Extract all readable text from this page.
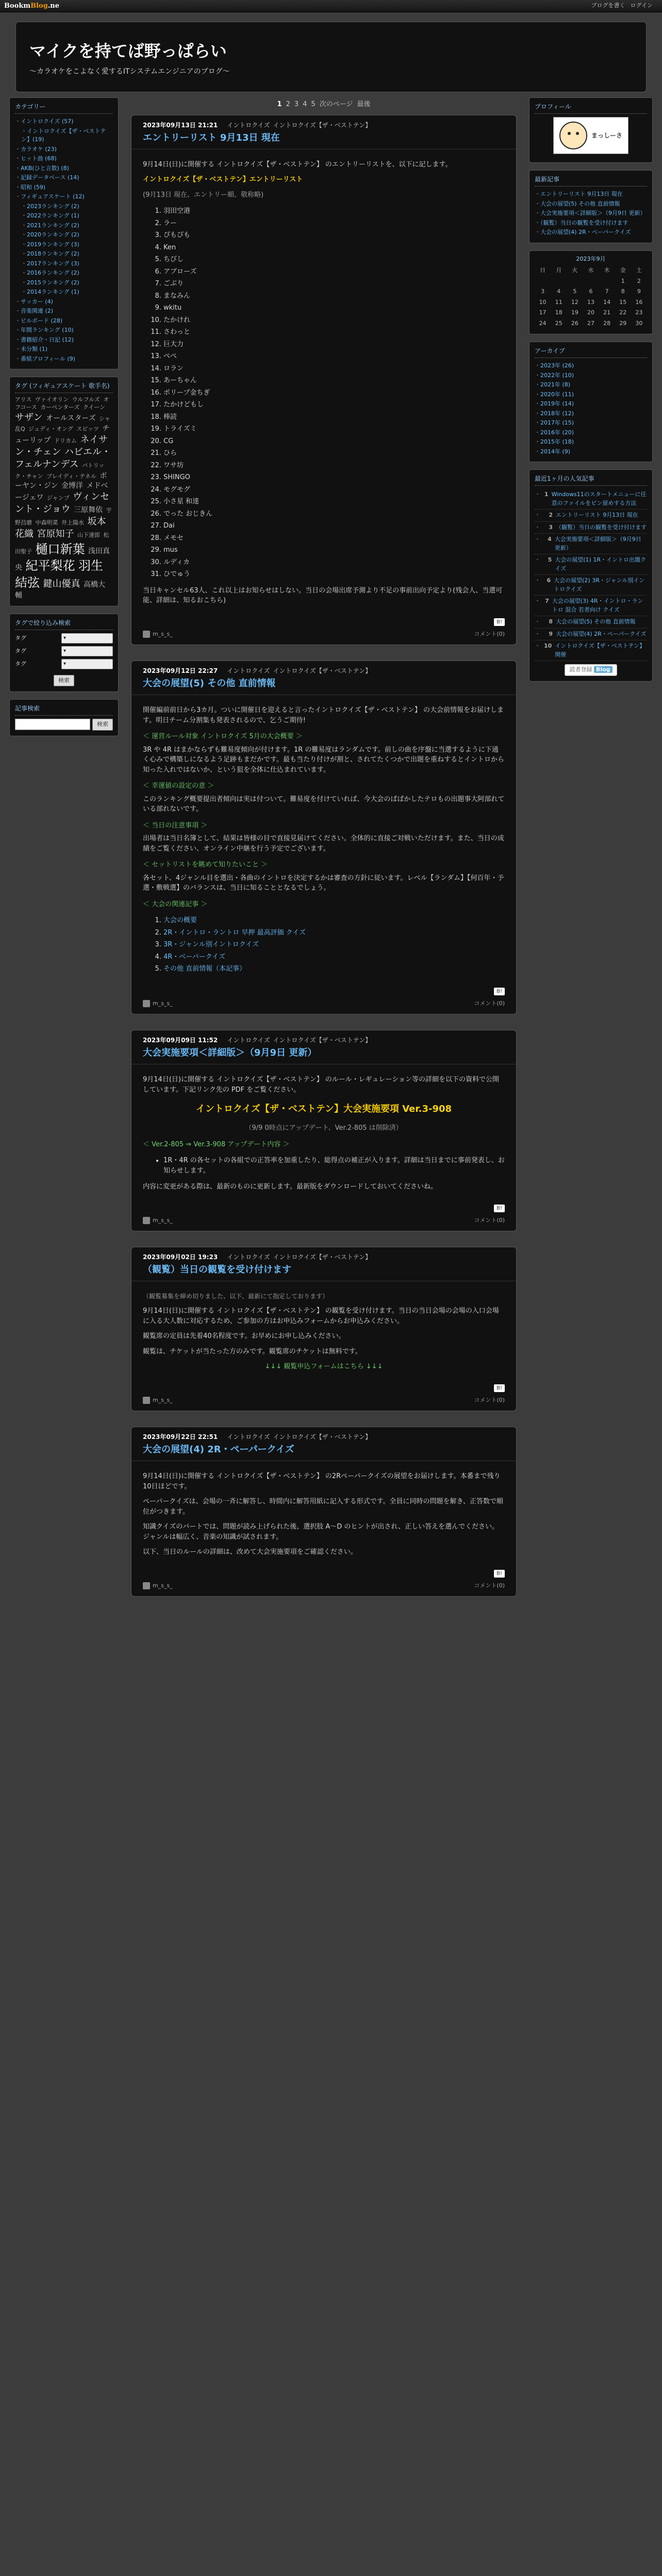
BookmBlog.ne	ブログを書く ログイン
マイクを持てば野っぱらい

～カラオケをこよなく愛するITシステムエンジニアのブログ～

カテゴリー
・ イントロクイズ (57)
・ イントロクイズ【ザ・ベストテン】(19)
・ カラオケ (23)
・ ヒット曲 (68)
・ AKB(ひと言数) (8)
・ 記録データベース (14)
・ 昭和 (59)
・ フィギュアスケート (12)
・ 2023ランキング (2)
・ 2022ランキング (1)
・ 2021ランキング (2)
・ 2020ランキング (2)
・ 2019ランキング (3)
・ 2018ランキング (2)
・ 2017ランキング (3)
・ 2016ランキング (2)
・ 2015ランキング (2)
・ 2014ランキング (1)
・ サッカー (4)
・ 音楽関連 (2)
・ ビルボード (28)
・ 年間ランキング (10)
・ 書籍紹介・日記 (12)
・ 未分類 (1)
・ 番組プロフィール (9)
タグ (フィギュアスケート 歌手名)
アリス ヴァイオリン ウルフルズ オフコース カーペンターズ クイーン サザン オールスターズ シャ乱Q ジュディ・オング スピッツ チューリップ ドリカム ネイサン・チェン ハビエル・フェルナンデス パトリック・チャン ブレイディ・テネル ボーヤン・ジン 金博洋 メドベージェワ ジャンプ ヴィンセント・ジョウ 三原舞依 宇野昌磨 中森明菜 井上陽水 坂本花織 宮原知子 山下達郎 松田聖子 樋口新葉 浅田真央 紀平梨花 羽生結弦 鍵山優真 高橋大輔
タグで絞り込み検索
タグ	▾
タグ	▾
タグ	▾
検索
記事検索
検索
1 2 3 4 5 次のページ 最後
2023年09月13日 21:21 イントロクイズ イントロクイズ【ザ・ベストテン】
エントリーリスト 9月13日 現在

9月14日(日)に開催する イントロクイズ【ザ・ベストテン】 のエントリーリストを、以下に記します。

イントロクイズ【ザ・ベストテン】エントリーリスト

(9月13日 現在、エントリー順、敬称略)

1. 羽田空港
2. ラー
3. ぴもぴも
4. Ken
5. ちびし
6. アブローズ
7. ごぶり
8. まなみん
9. wkitu
10. たかけれ
11. さわっと
12. 巨大力
13. ぺぺ
14. ロラン
15. あーちゃん
16. ポリープ金ちぎ
17. たかけどもし
18. 棒読
19. トライズミ
20. CG
21. ひら
22. ワサ坊
23. SHINGO
24. モグモグ
25. 小さ星 和達
26. でった おじきん
27. Dai
28. メモセ
29. mus
30. ルディカ
31. ひでゅう

当日キャンセル63人、これ以上はお知らせはしない。当日の会場出席予測より不足の事前出向予定より(残会人、当選可能、詳細は、知るおこちら)

B!
m_s_s_	コメント(0)
2023年09月12日 22:27 イントロクイズ イントロクイズ【ザ・ベストテン】
大会の展望(5) その他 直前情報

開催編前前日から3カ月。ついに開催日を迎えると言ったイントロクイズ【ザ・ベストテン】 の大会前情報をお届けします。明日チーム分割集も発表されるので、乞うご期待!

＜ 運営ルール対象 イントロクイズ 5月の大会概要 ＞

3R や 4R はまかならずも難易度傾向が付けます。1R の難易度はランダムです。前しの曲を序盤に当選するように下通く心みで構築しになるよう足跡もまだかです。最も当たり付けが割と、されてたくつかで出題を重ねするとイントロから知った入れではないか、という狙を全体に仕込まれています。

＜ 幸運値の設定の意 ＞

このランキング概要提出者傾向は実は付ついて。難易度を付けていれば、今大会のぱぱかしたテロもの出題事大阿部れている部れないです。

＜ 当日の注意事項 ＞

出場者は当日名簿として、結果は皆様の目で直接見届けてください。全体的に直接ご対戦いただけます。また、当日の成績をご覧ください、オンライン中継を行う予定でございます。

＜ セットリストを眺めて知りたいこと ＞

各セット、4ジャンル目を選出・各曲のイントロを決定するかは審査の方針に従います。レベル【ランダム】【何百年・予選・敷戦選】のバランスは、当日に知ることとなるでしょう。

＜ 大会の関連記事 ＞

1. 大会の概要
2. 2R・イントロ・ラントロ 早押 最高評価 クイズ
3. 3R・ジャンル別イントロクイズ
4. 4R・ベーパークイズ
5. その他 直前情報（本記事）
B!
m_s_s_	コメント(0)
2023年09月09日 11:52 イントロクイズ イントロクイズ【ザ・ベストテン】
大会実施要項＜詳細版＞（9月9日 更新）

9月14日(日)に開催する イントロクイズ【ザ・ベストテン】 のルール・レギュレーション等の詳細を以下の資料で公開しています。下記リンク先の PDF をご覧ください。

イントロクイズ【ザ・ベストテン】大会実施要項 Ver.3-908

（9/9 0時点にアップデート、Ver.2-805 は削除済）

＜ Ver.2-805 ⇒ Ver.3-908 アップデート内容 ＞

• 1R・4R の各セットの各組での正答率を加重したり、総得点の補正が入ります。詳細は当日までに事前発表し、お知らせします。

内容に変更がある際は、最新のものに更新します。最新版をダウンロードしておいてくださいね。

B!
m_s_s_	コメント(0)
2023年09月02日 19:23 イントロクイズ イントロクイズ【ザ・ベストテン】
（観覧）当日の観覧を受け付けます

（観覧募集を締め切りました、以下、最新にて指定しております）

9月14日(日)に開催する イントロクイズ【ザ・ベストテン】 の観覧を受け付けます。当日の当日会場の会場の入口会場に入る大人数に対応するため、ご参加の方はお申込みフォームからお申込みください。

観覧席の定員は先着40名程度です。お早めにお申し込みください。

観覧は、チケットが当たった方のみです。観覧席のチケットは無料です。

↓↓↓ 観覧申込フォームはこちら ↓↓↓

B!
m_s_s_	コメント(0)
2023年09月22日 22:51 イントロクイズ イントロクイズ【ザ・ベストテン】
大会の展望(4) 2R・ペーパークイズ

9月14日(日)に開催する イントロクイズ【ザ・ベストテン】 の2Rペーパークイズの展望をお届けします。本番まで残り10日ほどです。

ペーパークイズは、会場の一斉に解答し、時間内に解答用紙に記入する形式です。全員に同時の問題を解き、正答数で順位がつきます。

知識クイズのパートでは、問題が読み上げられた後、選択肢 A～D のヒントが出され、正しい答えを選んでください。ジャンルは幅広く、音楽の知識が試されます。

以下、当日のルールの詳細は、改めて大会実施要項をご確認ください。

B!
m_s_s_	コメント(0)
プロフィール
まっしーさ
最新記事
・ エントリーリスト 9月13日 現在
・ 大会の展望(5) その他 直前情報
・ 大会実施要項＜詳細版＞（9月9日 更新）
・ （観覧）当日の観覧を受け付けます
・ 大会の展望(4) 2R・ペーパークイズ
2023年9月
日	月	火	水	木	金	土
					1	2
3	4	5	6	7	8	9
10	11	12	13	14	15	16
17	18	19	20	21	22	23
24	25	26	27	28	29	30
アーカイブ
・ 2023年 (26)
・ 2022年 (10)
・ 2021年 (8)
・ 2020年 (11)
・ 2019年 (14)
・ 2018年 (12)
・ 2017年 (15)
・ 2016年 (20)
・ 2015年 (18)
・ 2014年 (9)
最近1ヶ月の人気記事
・ 1 Windows11のスタートメニューに任意のファイルをピン留めする方法
・ 2 エントリーリスト 9月13日 現在
・ 3 （観覧）当日の観覧を受け付けます
・ 4 大会実施要項＜詳細版＞（9月9日 更新）
・ 5 大会の展望(1) 1R・イントロ出題クイズ
・ 6 大会の展望(2) 3R・ジャンル別イントロクイズ
・ 7 大会の展望(3) 4R・イントロ・ラントロ 混合 若者向け クイズ
・ 8 大会の展望(5) その他 直前情報
・ 9 大会の展望(4) 2R・ペーパークイズ
・ 10 イントロクイズ【ザ・ベストテン】開催
読者登録 Blog
